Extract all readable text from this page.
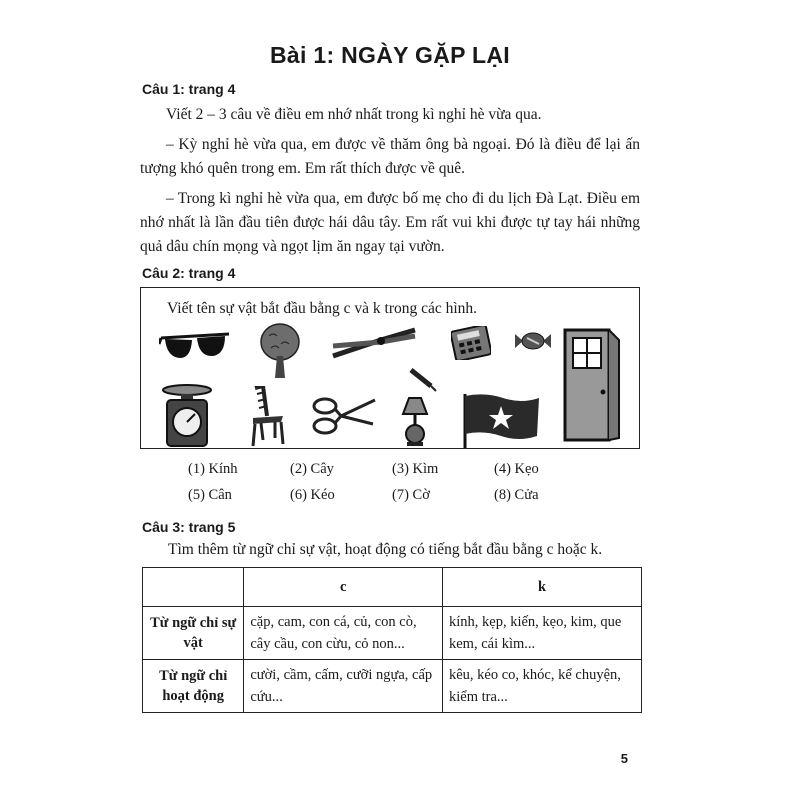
Bài 1: NGÀY GẶP LẠI
Câu 1: trang 4

Viết 2 – 3 câu về điều em nhớ nhất trong kì nghỉ hè vừa qua.

– Kỳ nghỉ hè vừa qua, em được về thăm ông bà ngoại. Đó là điều để lại ấn tượng khó quên trong em. Em rất thích được về quê.

– Trong kì nghỉ hè vừa qua, em được bố mẹ cho đi du lịch Đà Lạt. Điều em nhớ nhất là lần đầu tiên được hái dâu tây. Em rất vui khi được tự tay hái những quả dâu chín mọng và ngọt lịm ăn ngay tại vườn.

Câu 2: trang 4
Viết tên sự vật bắt đầu bằng c và k trong các hình.
(1) Kính	(2) Cây	(3) Kìm	(4) Kẹo
(5) Cân	(6) Kéo	(7) Cờ	(8) Cửa
Câu 3: trang 5
Tìm thêm từ ngữ chỉ sự vật, hoạt động có tiếng bắt đầu bằng c hoặc k.
	c	k
Từ ngữ chỉ sự vật	cặp, cam, con cá, củ, con cò, cây cầu, con cừu, cỏ non...	kính, kẹp, kiến, kẹo, kim, que kem, cái kìm...
Từ ngữ chỉ hoạt động	cười, cầm, cấm, cưỡi ngựa, cấp cứu...	kêu, kéo co, khóc, kể chuyện, kiểm tra...
5
